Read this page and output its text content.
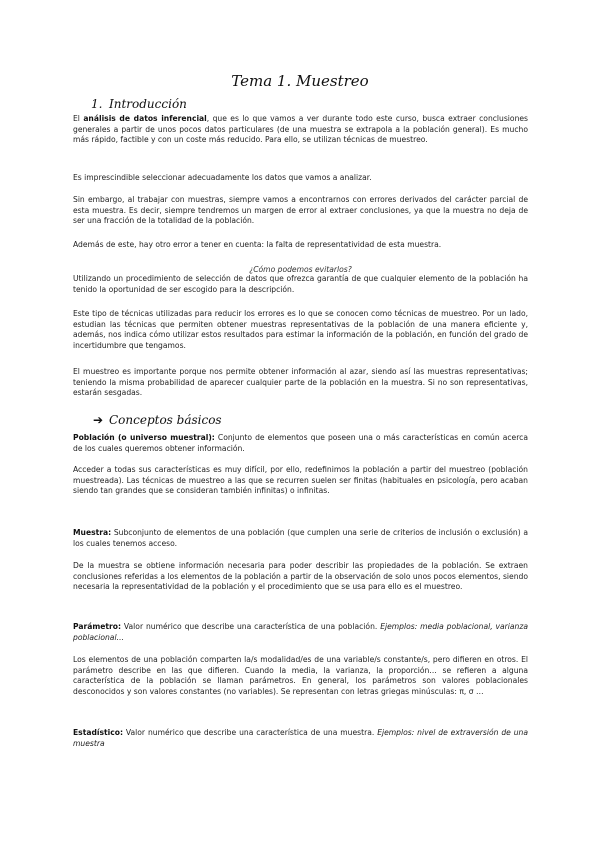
Tema 1. Muestreo
1. Introducción
El análisis de datos inferencial, que es lo que vamos a ver durante todo este curso, busca extraer conclusiones generales a partir de unos pocos datos particulares (de una muestra se extrapola a la población general). Es mucho más rápido, factible y con un coste más reducido. Para ello, se utilizan técnicas de muestreo.
Es imprescindible seleccionar adecuadamente los datos que vamos a analizar.
Sin embargo, al trabajar con muestras, siempre vamos a encontrarnos con errores derivados del carácter parcial de esta muestra. Es decir, siempre tendremos un margen de error al extraer conclusiones, ya que la muestra no deja de ser una fracción de la totalidad de la población.
Además de este, hay otro error a tener en cuenta: la falta de representatividad de esta muestra.
¿Cómo podemos evitarlos?
Utilizando un procedimiento de selección de datos que ofrezca garantía de que cualquier elemento de la población ha tenido la oportunidad de ser escogido para la descripción.
Este tipo de técnicas utilizadas para reducir los errores es lo que se conocen como técnicas de muestreo. Por un lado, estudian las técnicas que permiten obtener muestras representativas de la población de una manera eficiente y, además, nos indica cómo utilizar estos resultados para estimar la información de la población, en función del grado de incertidumbre que tengamos.
El muestreo es importante porque nos permite obtener información al azar, siendo así las muestras representativas; teniendo la misma probabilidad de aparecer cualquier parte de la población en la muestra. Si no son representativas, estarán sesgadas.
➔ Conceptos básicos
Población (o universo muestral): Conjunto de elementos que poseen una o más características en común acerca de los cuales queremos obtener información.
Acceder a todas sus características es muy difícil, por ello, redefinimos la población a partir del muestreo (población muestreada). Las técnicas de muestreo a las que se recurren suelen ser finitas (habituales en psicología, pero acaban siendo tan grandes que se consideran también infinitas) o infinitas.
Muestra: Subconjunto de elementos de una población (que cumplen una serie de criterios de inclusión o exclusión) a los cuales tenemos acceso.
De la muestra se obtiene información necesaria para poder describir las propiedades de la población. Se extraen conclusiones referidas a los elementos de la población a partir de la observación de solo unos pocos elementos, siendo necesaria la representatividad de la población y el procedimiento que se usa para ello es el muestreo.
Parámetro: Valor numérico que describe una característica de una población. Ejemplos: media poblacional, varianza poblacional…
Los elementos de una población comparten la/s modalidad/es de una variable/s constante/s, pero difieren en otros. El parámetro describe en las que difieren. Cuando la media, la varianza, la proporción… se refieren a alguna característica de la población se llaman parámetros. En general, los parámetros son valores poblacionales desconocidos y son valores constantes (no variables). Se representan con letras griegas minúsculas: π, σ …
Estadístico: Valor numérico que describe una característica de una muestra. Ejemplos: nivel de extraversión de una muestra
